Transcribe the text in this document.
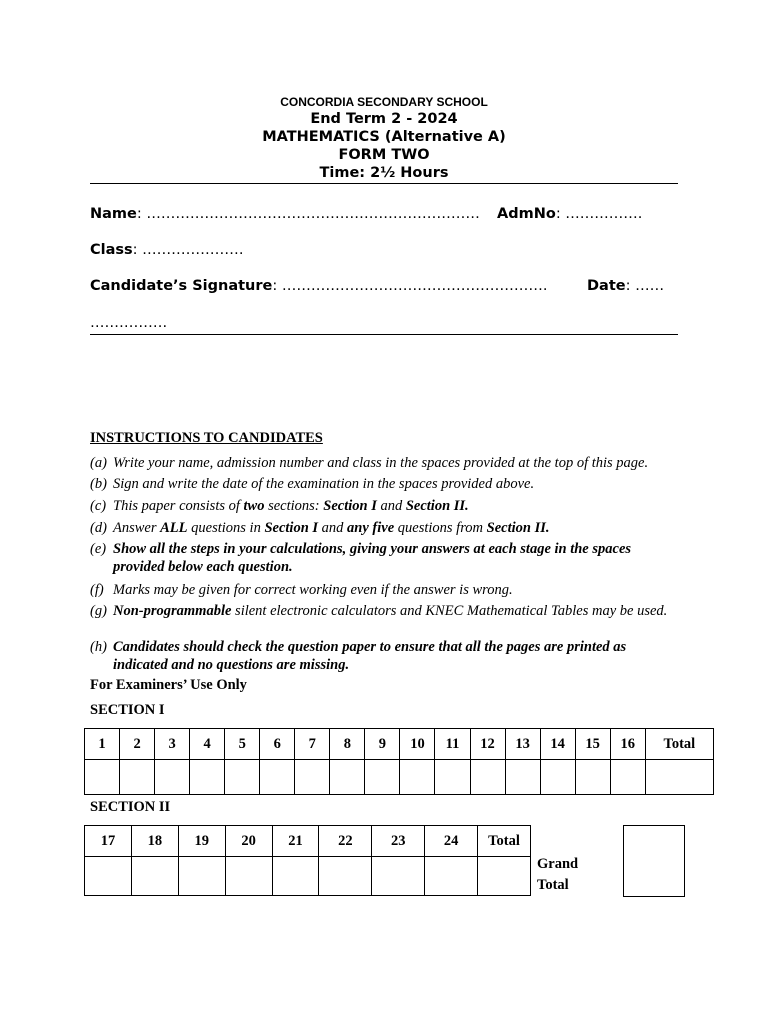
CONCORDIA SECONDARY SCHOOL
End Term 2 - 2024
MATHEMATICS (Alternative A)
FORM TWO
Time: 2½ Hours
Name: …………………………………………………………… AdmNo: …………….
Class: …………………
Candidate’s Signature: ……………………………………………….	Date: ……
…………….
INSTRUCTIONS TO CANDIDATES
(a) Write your name, admission number and class in the spaces provided at the top of this page.
(b) Sign and write the date of the examination in the spaces provided above.
(c) This paper consists of two sections: Section I and Section II.
(d) Answer ALL questions in Section I and any five questions from Section II.
(e) Show all the steps in your calculations, giving your answers at each stage in the spaces provided below each question.
(f) Marks may be given for correct working even if the answer is wrong.
(g) Non-programmable silent electronic calculators and KNEC Mathematical Tables may be used.
(h) Candidates should check the question paper to ensure that all the pages are printed as indicated and no questions are missing.
For Examiners’ Use Only
SECTION I
1	2	3	4	5	6	7	8	9	10	11	12	13	14	15	16	Total

SECTION II
17	18	19	20	21	22	23	24	Total

Grand
Total
